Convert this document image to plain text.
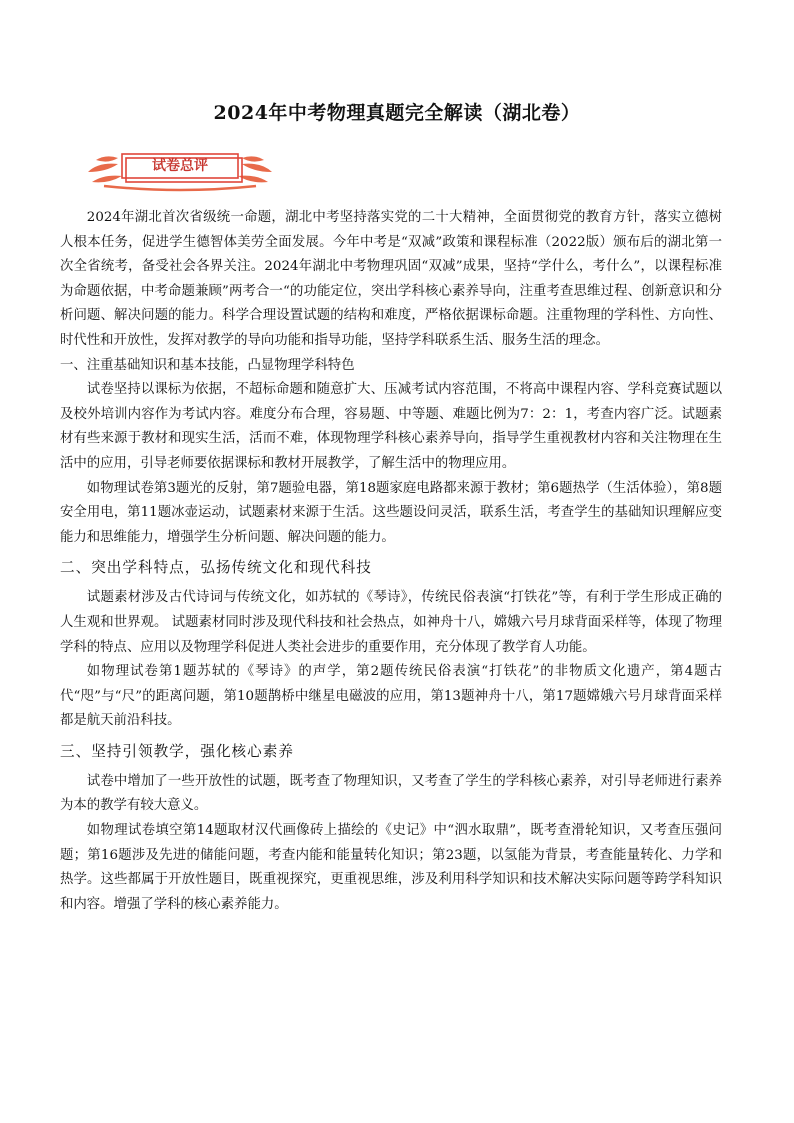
2024年中考物理真题完全解读（湖北卷）
试卷总评

2024年湖北首次省级统一命题，湖北中考坚持落实党的二十大精神，全面贯彻党的教育方针，落实立德树人根本任务，促进学生德智体美劳全面发展。今年中考是“双减”政策和课程标准（2022版）颁布后的湖北第一次全省统考，备受社会各界关注。2024年湖北中考物理巩固“双减”成果，坚持“学什么，考什么”，以课程标准为命题依据，中考命题兼顾”两考合一“的功能定位，突出学科核心素养导向，注重考查思维过程、创新意识和分析问题、解决问题的能力。科学合理设置试题的结构和难度，严格依据课标命题。注重物理的学科性、方向性、时代性和开放性，发挥对教学的导向功能和指导功能，坚持学科联系生活、服务生活的理念。

一、注重基础知识和基本技能，凸显物理学科特色

试卷坚持以课标为依据，不超标命题和随意扩大、压减考试内容范围，不将高中课程内容、学科竞赛试题以及校外培训内容作为考试内容。难度分布合理，容易题、中等题、难题比例为7：2：1，考查内容广泛。试题素材有些来源于教材和现实生活，活而不难，体现物理学科核心素养导向，指导学生重视教材内容和关注物理在生活中的应用，引导老师要依据课标和教材开展教学，了解生活中的物理应用。

如物理试卷第3题光的反射，第7题验电器，第18题家庭电路都来源于教材；第6题热学（生活体验），第8题安全用电，第11题冰壶运动，试题素材来源于生活。这些题设问灵活，联系生活，考查学生的基础知识理解应变能力和思维能力，增强学生分析问题、解决问题的能力。

二、突出学科特点，弘扬传统文化和现代科技

试题素材涉及古代诗词与传统文化，如苏轼的《琴诗》，传统民俗表演“打铁花”等，有利于学生形成正确的人生观和世界观。 试题素材同时涉及现代科技和社会热点，如神舟十八，嫦娥六号月球背面采样等，体现了物理学科的特点、应用以及物理学科促进人类社会进步的重要作用，充分体现了教学育人功能。

如物理试卷第1题苏轼的《琴诗》的声学，第2题传统民俗表演“打铁花”的非物质文化遗产，第4题古代“咫”与“尺”的距离问题，第10题鹊桥中继星电磁波的应用，第13题神舟十八，第17题嫦娥六号月球背面采样都是航天前沿科技。

三、坚持引领教学，强化核心素养

试卷中增加了一些开放性的试题，既考查了物理知识，又考查了学生的学科核心素养，对引导老师进行素养为本的教学有较大意义。

如物理试卷填空第14题取材汉代画像砖上描绘的《史记》中“泗水取鼎”，既考查滑轮知识，又考查压强问题；第16题涉及先进的储能问题，考查内能和能量转化知识；第23题，以氢能为背景，考查能量转化、力学和热学。这些都属于开放性题目，既重视探究，更重视思维，涉及利用科学知识和技术解决实际问题等跨学科知识和内容。增强了学科的核心素养能力。
